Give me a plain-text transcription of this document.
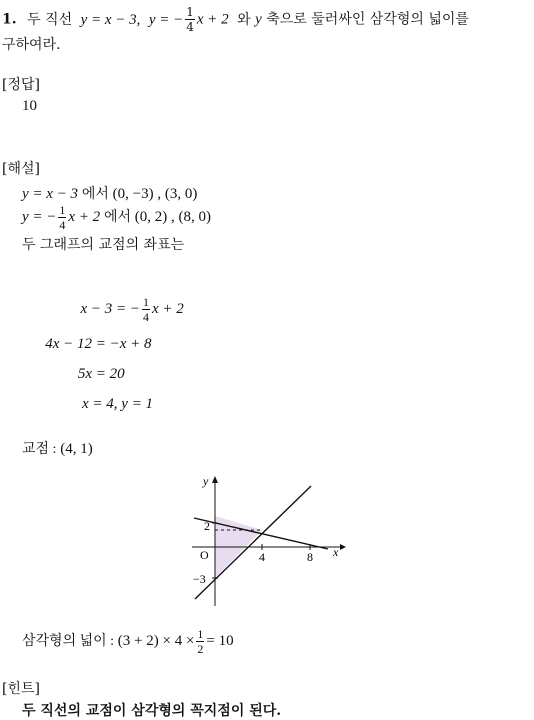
1. 두 직선 y = x − 3, y = − $\frac{1}{4}$ x + 2 와 y 축으로 둘러싸인 삼각형의 넓이를
구하여라.
[정답]
10
[해설]
y = x − 3 에서 (0, −3) , (3, 0)
y = − $\frac{1}{4}$ x + 2 에서 (0, 2) , (8, 0)
두 그래프의 교점의 좌표는
x − 3 = − $\frac{1}{4}$ x + 2
4x − 12 = −x + 8
5x = 20
x = 4, y = 1
교점 : (4, 1)
y
x
O
2
−3
4	8
삼각형의 넓이 : $(3 + 2) \times 4 \times \frac{1}{2} = 10$
[힌트]
두 직선의 교점이 삼각형의 꼭지점이 된다.
